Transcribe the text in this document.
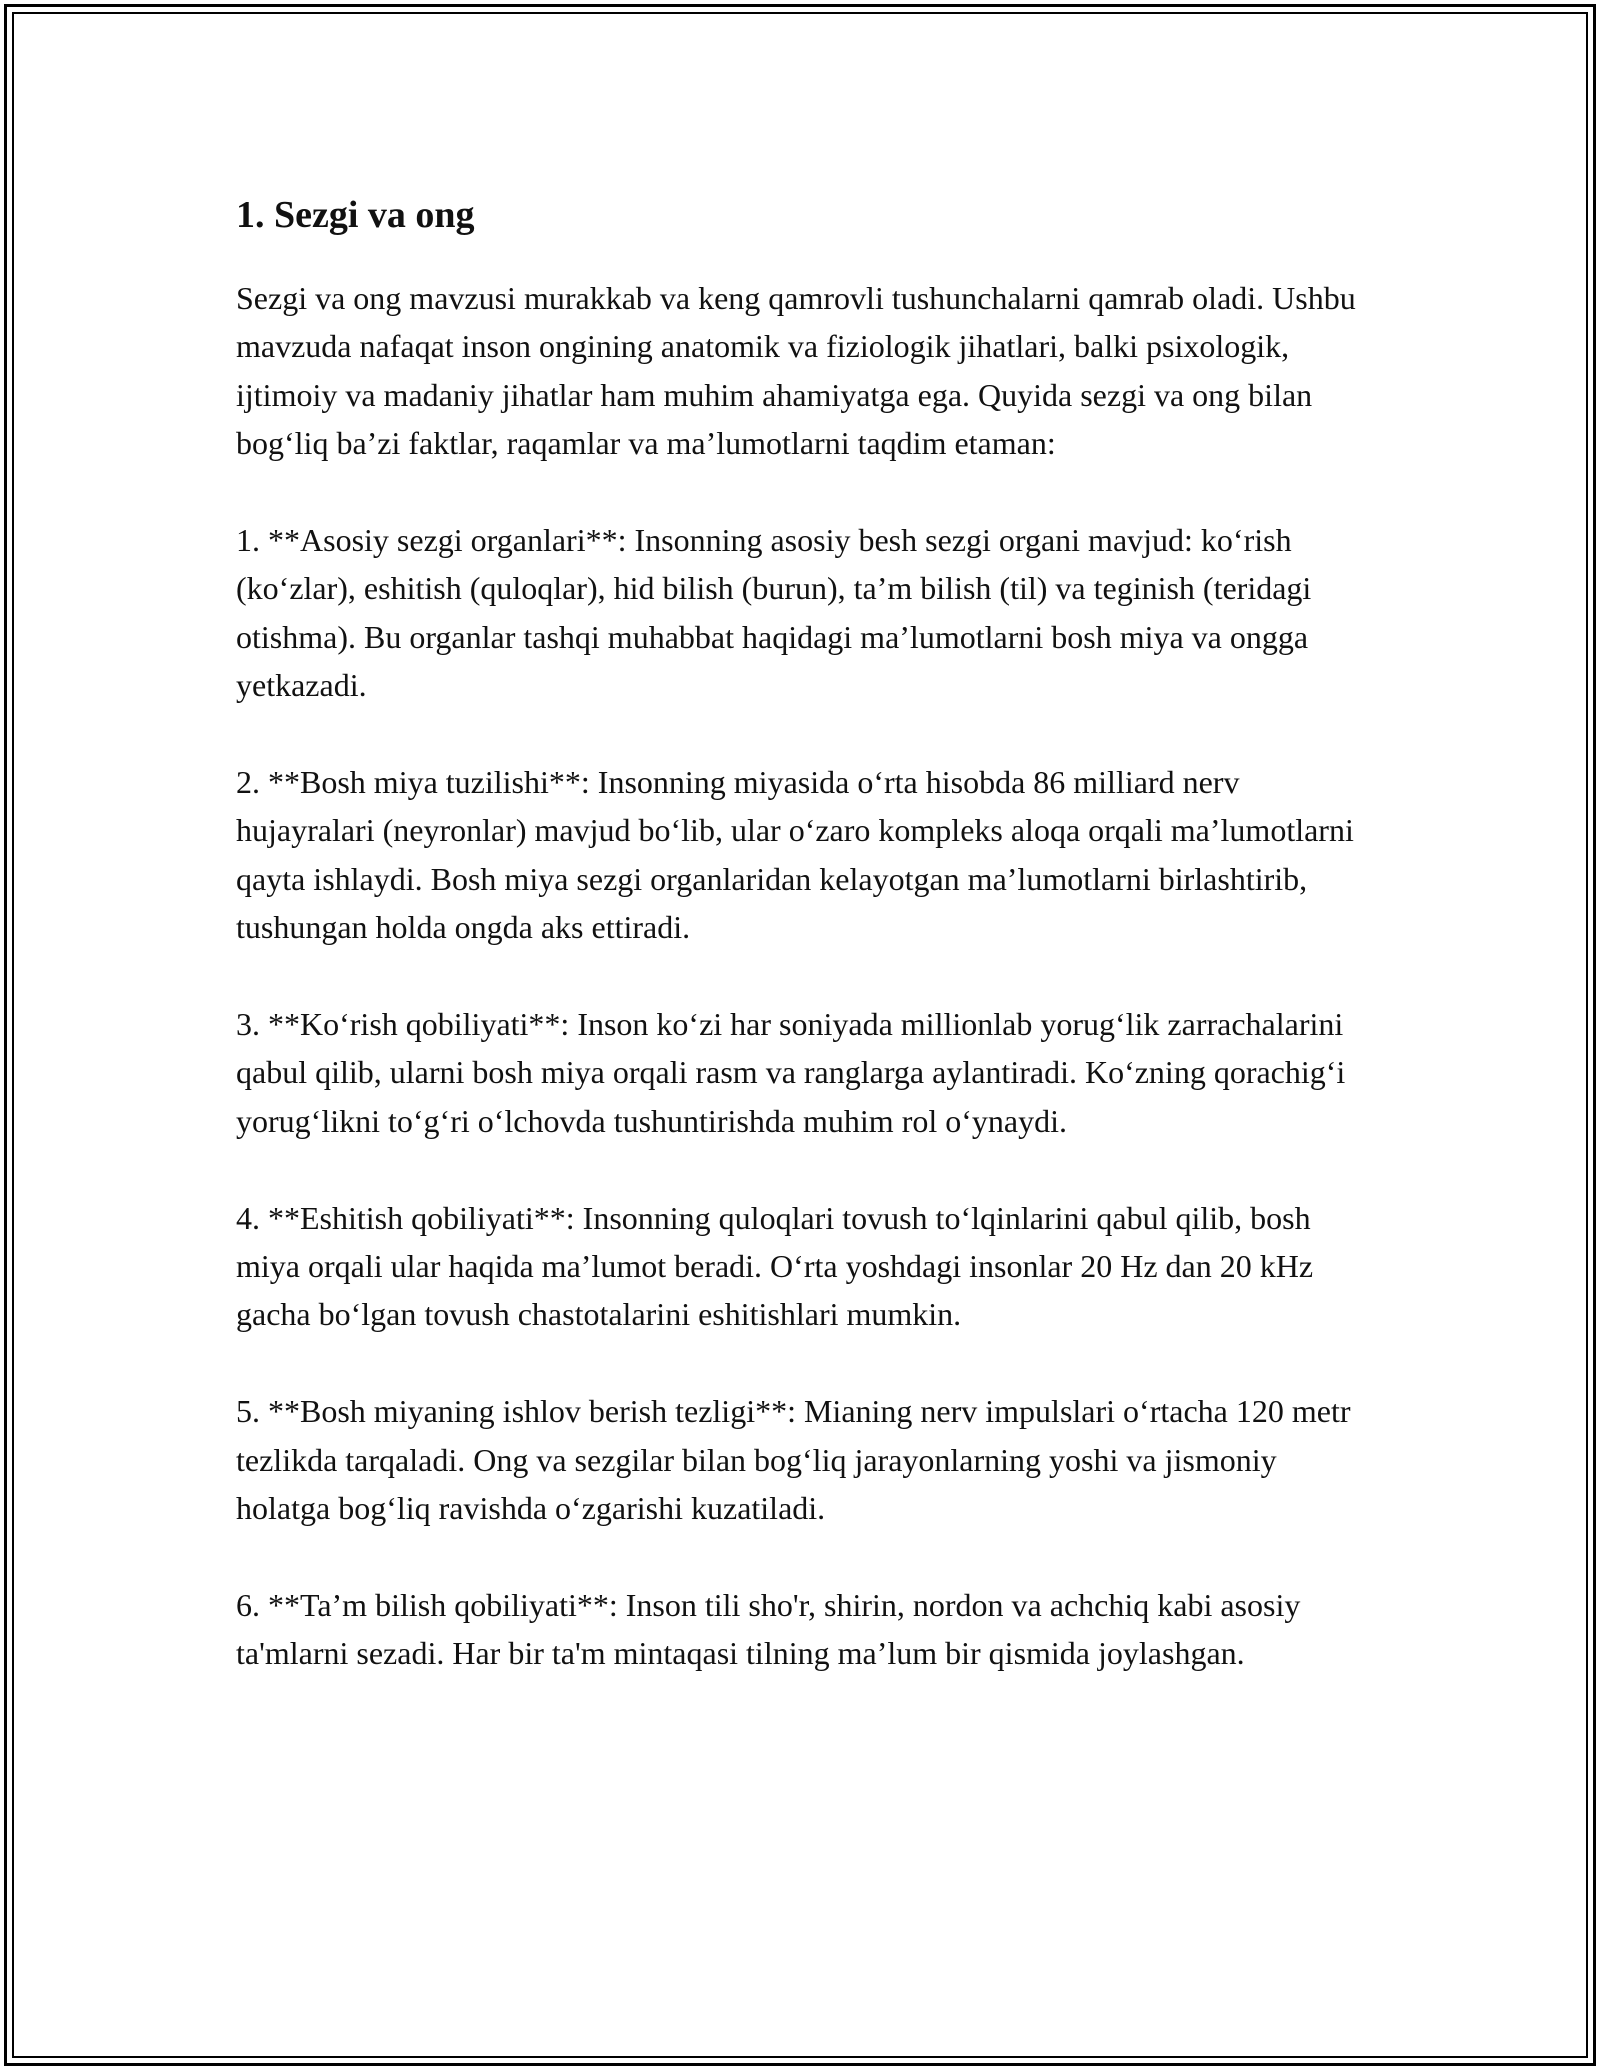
1. Sezgi va ong

Sezgi va ong mavzusi murakkab va keng qamrovli tushunchalarni qamrab oladi. Ushbu mavzuda nafaqat inson ongining anatomik va fiziologik jihatlari, balki psixologik, ijtimoiy va madaniy jihatlar ham muhim ahamiyatga ega. Quyida sezgi va ong bilan bog‘liq ba’zi faktlar, raqamlar va ma’lumotlarni taqdim etaman:

1. **Asosiy sezgi organlari**: Insonning asosiy besh sezgi organi mavjud: ko‘rish (ko‘zlar), eshitish (quloqlar), hid bilish (burun), ta’m bilish (til) va teginish (teridagi otishma). Bu organlar tashqi muhabbat haqidagi ma’lumotlarni bosh miya va ongga yetkazadi.

2. **Bosh miya tuzilishi**: Insonning miyasida o‘rta hisobda 86 milliard nerv hujayralari (neyronlar) mavjud bo‘lib, ular o‘zaro kompleks aloqa orqali ma’lumotlarni qayta ishlaydi. Bosh miya sezgi organlaridan kelayotgan ma’lumotlarni birlashtirib, tushungan holda ongda aks ettiradi.

3. **Ko‘rish qobiliyati**: Inson ko‘zi har soniyada millionlab yorug‘lik zarrachalarini qabul qilib, ularni bosh miya orqali rasm va ranglarga aylantiradi. Ko‘zning qorachig‘i yorug‘likni to‘g‘ri o‘lchovda tushuntirishda muhim rol o‘ynaydi.

4. **Eshitish qobiliyati**: Insonning quloqlari tovush to‘lqinlarini qabul qilib, bosh miya orqali ular haqida ma’lumot beradi. O‘rta yoshdagi insonlar 20 Hz dan 20 kHz gacha bo‘lgan tovush chastotalarini eshitishlari mumkin.

5. **Bosh miyaning ishlov berish tezligi**: Mianing nerv impulslari o‘rtacha 120 metr tezlikda tarqaladi. Ong va sezgilar bilan bog‘liq jarayonlarning yoshi va jismoniy holatga bog‘liq ravishda o‘zgarishi kuzatiladi.

6. **Ta’m bilish qobiliyati**: Inson tili sho'r, shirin, nordon va achchiq kabi asosiy ta'mlarni sezadi. Har bir ta'm mintaqasi tilning ma’lum bir qismida joylashgan.
